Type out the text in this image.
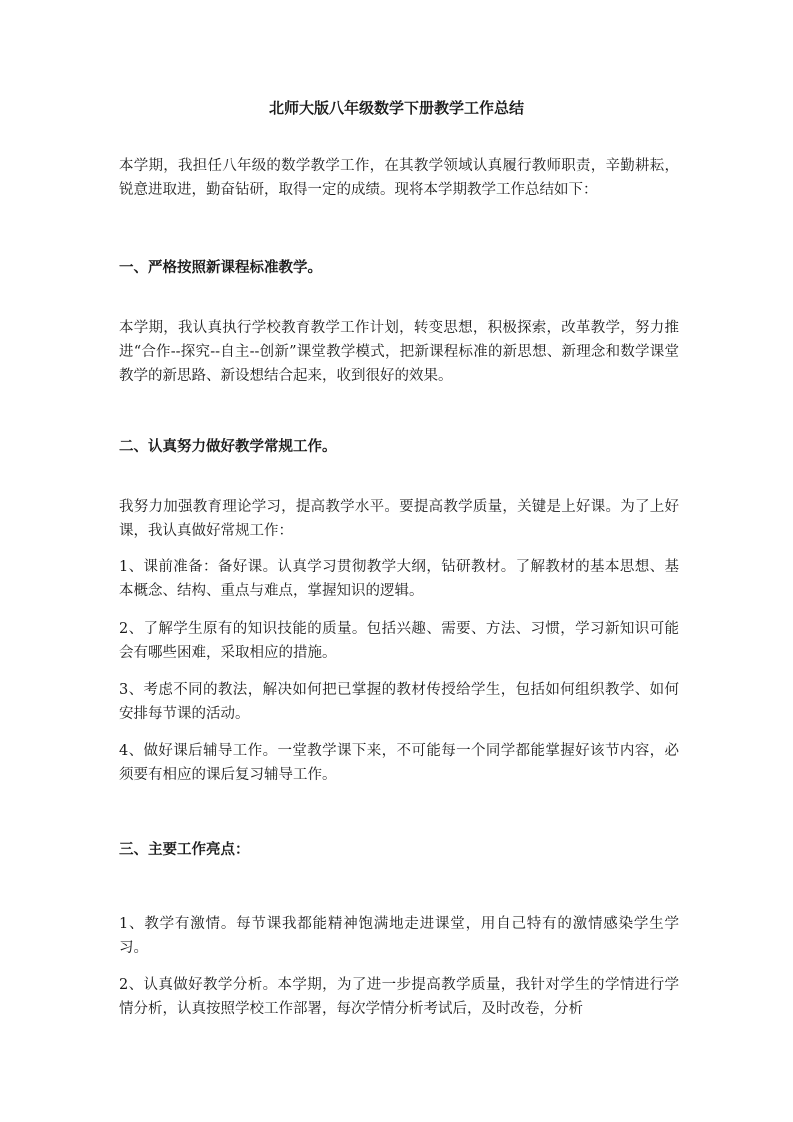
北师大版八年级数学下册教学工作总结

本学期，我担任八年级的数学教学工作，在其教学领域认真履行教师职责，辛勤耕耘，锐意进取进，勤奋钻研，取得一定的成绩。现将本学期教学工作总结如下：

一、严格按照新课程标准教学。

本学期，我认真执行学校教育教学工作计划，转变思想，积极探索，改革教学，努力推进“合作--探究--自主--创新”课堂教学模式，把新课程标准的新思想、新理念和数学课堂教学的新思路、新设想结合起来，收到很好的效果。

二、认真努力做好教学常规工作。

我努力加强教育理论学习，提高教学水平。要提高教学质量，关键是上好课。为了上好课，我认真做好常规工作：

1、课前准备：备好课。认真学习贯彻教学大纲，钻研教材。了解教材的基本思想、基本概念、结构、重点与难点，掌握知识的逻辑。

2、了解学生原有的知识技能的质量。包括兴趣、需要、方法、习惯，学习新知识可能会有哪些困难，采取相应的措施。

3、考虑不同的教法，解决如何把已掌握的教材传授给学生，包括如何组织教学、如何安排每节课的活动。

4、做好课后辅导工作。一堂教学课下来，不可能每一个同学都能掌握好该节内容，必须要有相应的课后复习辅导工作。

三、主要工作亮点：

1、教学有激情。每节课我都能精神饱满地走进课堂，用自己特有的激情感染学生学习。

2、认真做好教学分析。本学期，为了进一步提高教学质量，我针对学生的学情进行学情分析，认真按照学校工作部署，每次学情分析考试后，及时改卷，分析
